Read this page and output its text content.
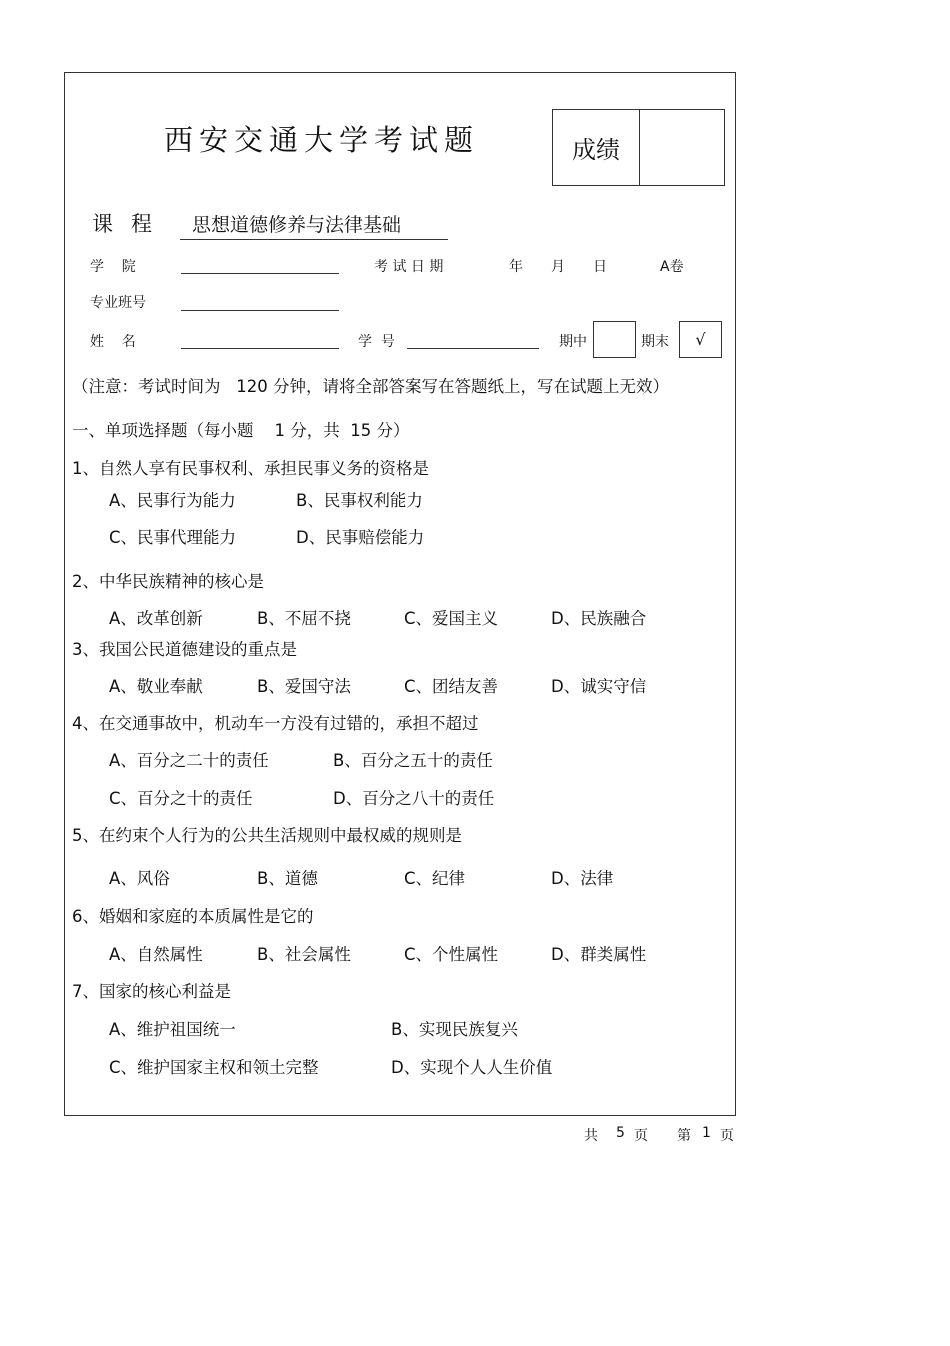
西安交通大学考试题	成绩
课程	思想道德修养与法律基础
学    院	考 试 日 期	年 月 日	A卷
专业班号
姓    名	学  号	期中	期末 √
（注意：考试时间为   120 分钟，请将全部答案写在答题纸上，写在试题上无效）
一、单项选择题（每小题    1 分，共  15 分）
1、自然人享有民事权利、承担民事义务的资格是
A、民事行为能力	B、民事权利能力
C、民事代理能力	D、民事赔偿能力
2、中华民族精神的核心是
A、改革创新	B、不屈不挠	C、爱国主义	D、民族融合
3、我国公民道德建设的重点是
A、敬业奉献	B、爱国守法	C、团结友善	D、诚实守信
4、在交通事故中，机动车一方没有过错的，承担不超过
A、百分之二十的责任	B、百分之五十的责任
C、百分之十的责任	D、百分之八十的责任
5、在约束个人行为的公共生活规则中最权威的规则是
A、风俗	B、道德	C、纪律	D、法律
6、婚姻和家庭的本质属性是它的
A、自然属性	B、社会属性	C、个性属性	D、群类属性
7、国家的核心利益是
A、维护祖国统一	B、实现民族复兴
C、维护国家主权和领土完整	D、实现个人人生价值
共 5 页 第 1 页
